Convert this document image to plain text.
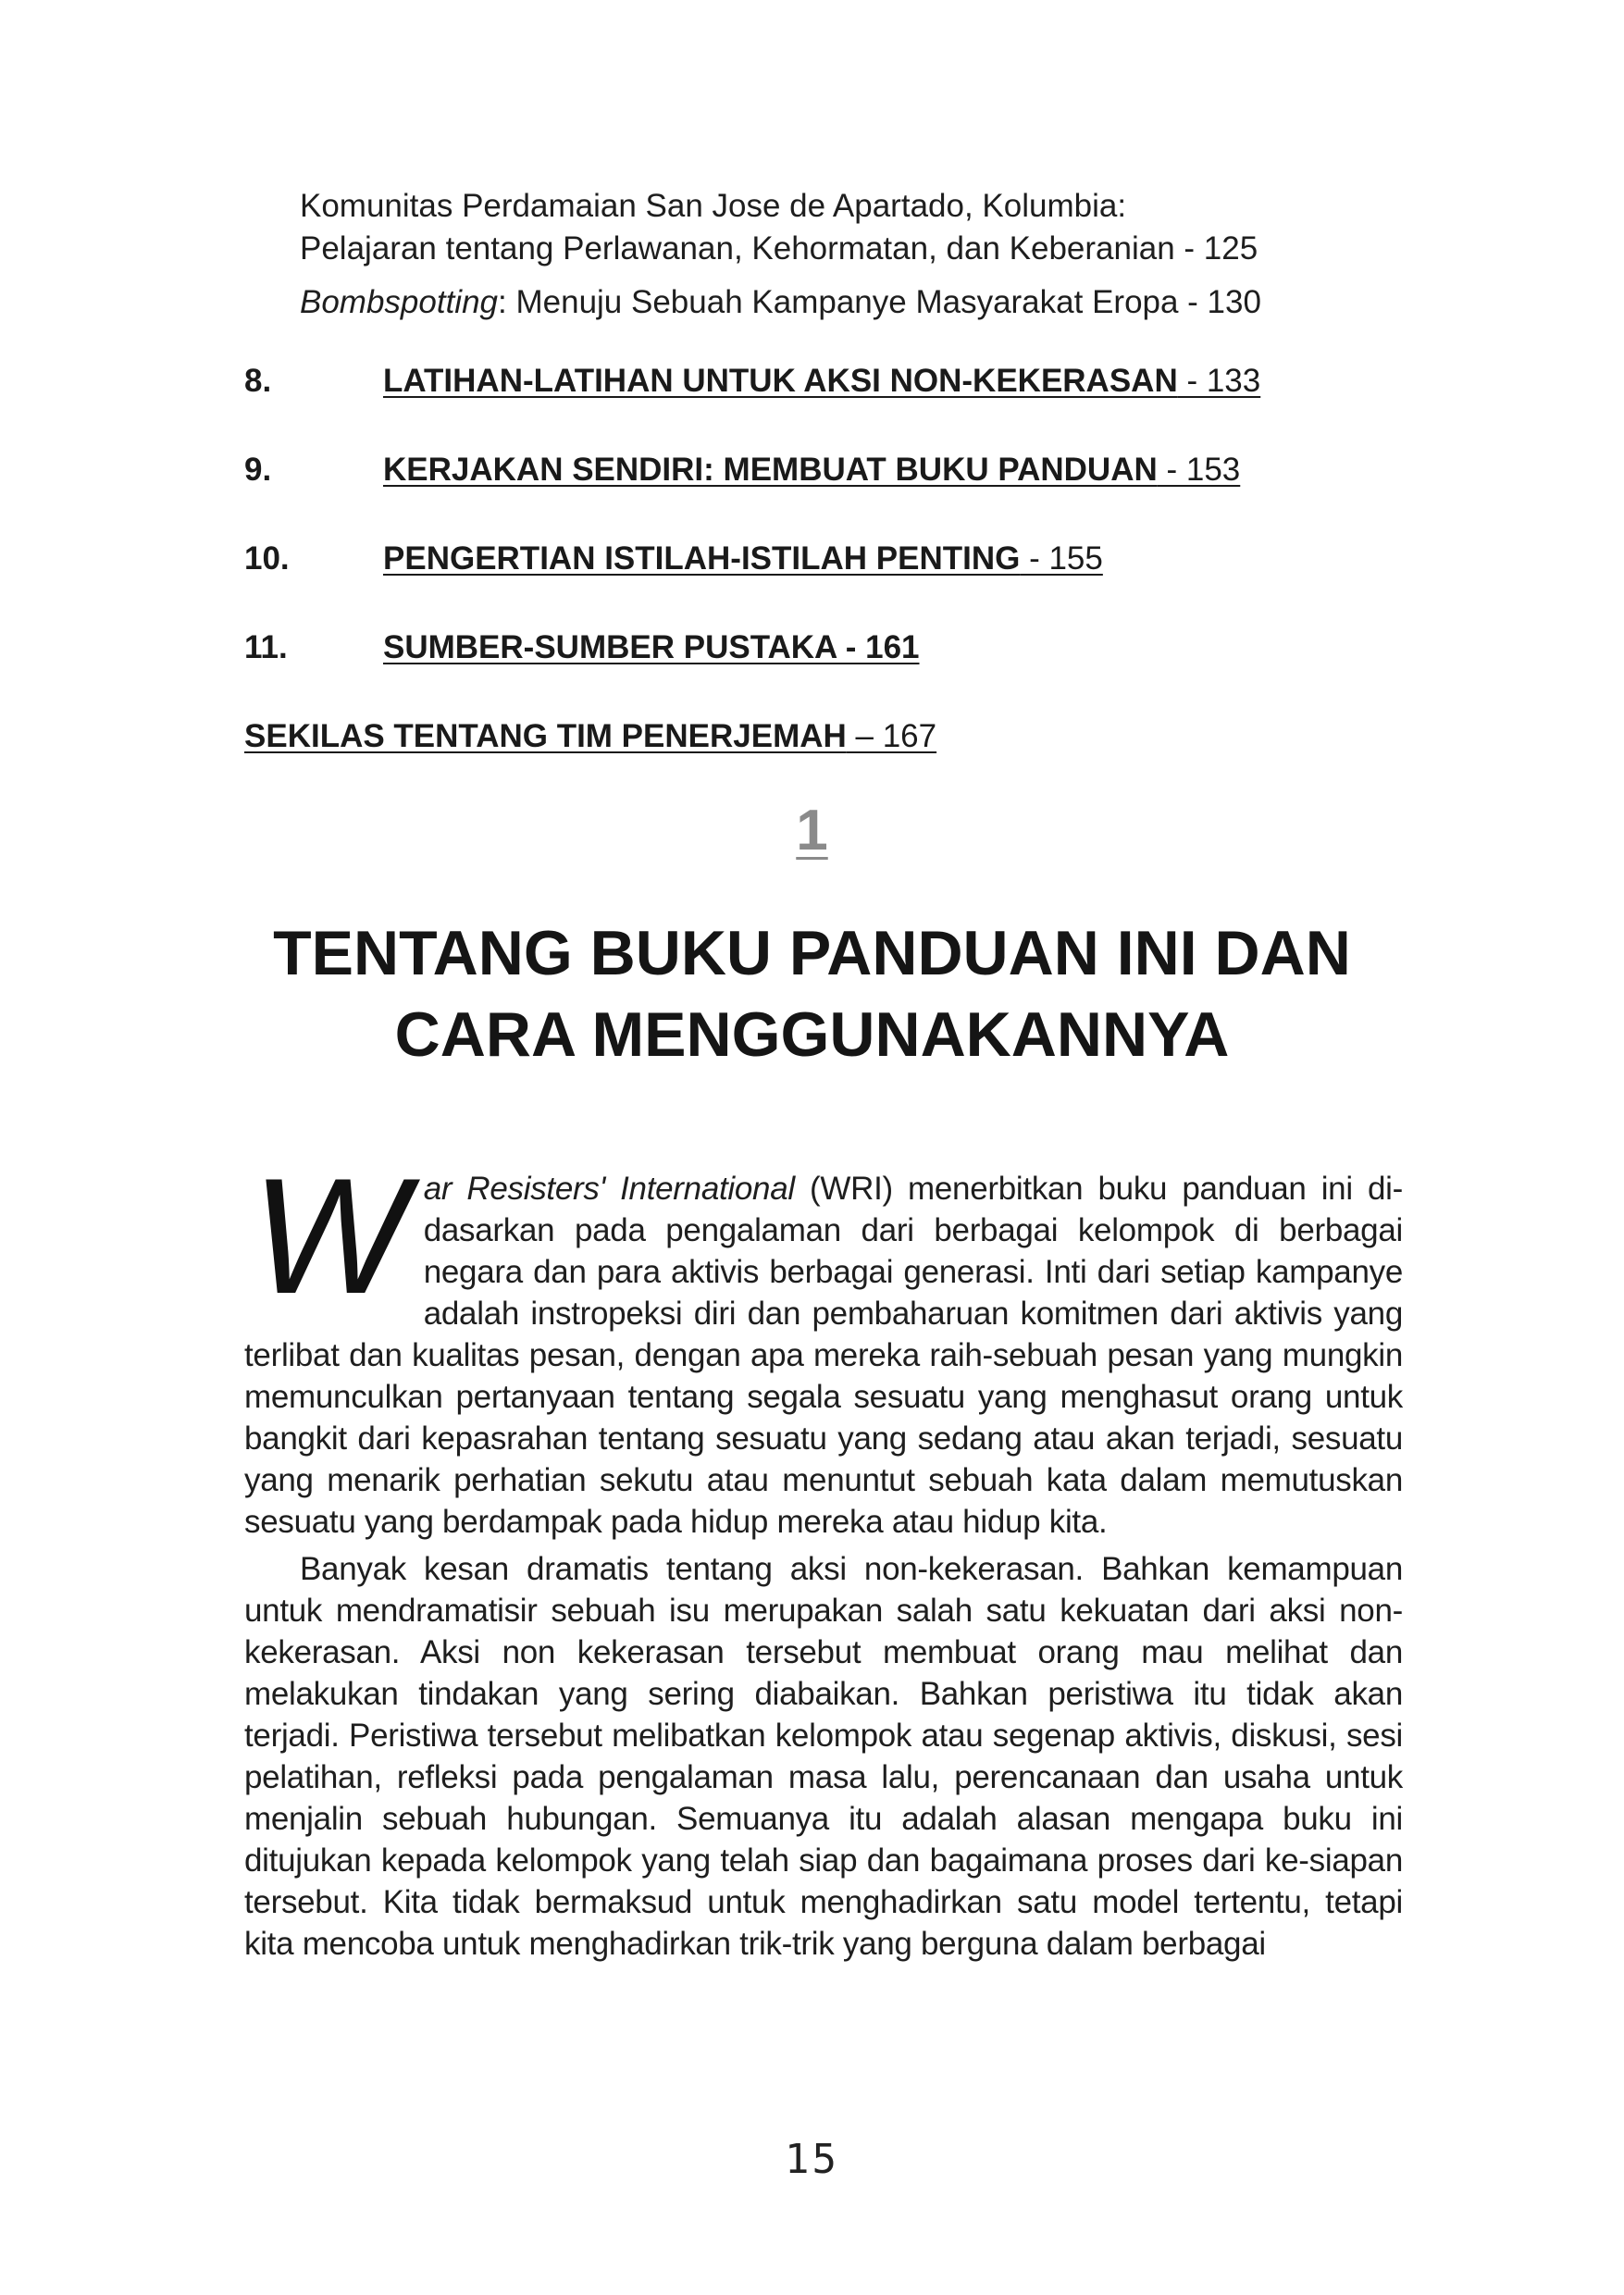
Komunitas Perdamaian San Jose de Apartado, Kolumbia:
Pelajaran tentang Perlawanan, Kehormatan, dan Keberanian - 125
Bombspotting: Menuju Sebuah Kampanye Masyarakat Eropa - 130
8.	LATIHAN-LATIHAN UNTUK AKSI NON-KEKERASAN - 133
9.	KERJAKAN SENDIRI: MEMBUAT BUKU PANDUAN - 153
10.	PENGERTIAN ISTILAH-ISTILAH PENTING - 155
11.	SUMBER-SUMBER PUSTAKA - 161
SEKILAS TENTANG TIM PENERJEMAH – 167
1
TENTANG BUKU PANDUAN INI DAN
CARA MENGGUNAKANNYA

War Resisters' International (WRI) menerbitkan buku panduan ini di-dasarkan pada pengalaman dari berbagai kelompok di berbagai negara dan para aktivis berbagai generasi. Inti dari setiap kampanye adalah instropeksi diri dan pembaharuan komitmen dari aktivis yang terlibat dan kualitas pesan, dengan apa mereka raih-sebuah pesan yang mungkin memunculkan pertanyaan tentang segala sesuatu yang menghasut orang untuk bangkit dari kepasrahan tentang sesuatu yang sedang atau akan terjadi, sesuatu yang menarik perhatian sekutu atau menuntut sebuah kata dalam memutuskan sesuatu yang berdampak pada hidup mereka atau hidup kita.

Banyak kesan dramatis tentang aksi non-kekerasan. Bahkan kemampuan untuk mendramatisir sebuah isu merupakan salah satu kekuatan dari aksi non-kekerasan. Aksi non kekerasan tersebut membuat orang mau melihat dan melakukan tindakan yang sering diabaikan. Bahkan peristiwa itu tidak akan terjadi. Peristiwa tersebut melibatkan kelompok atau segenap aktivis, diskusi, sesi pelatihan, refleksi pada pengalaman masa lalu, perencanaan dan usaha untuk menjalin sebuah hubungan. Semuanya itu adalah alasan mengapa buku ini ditujukan kepada kelompok yang telah siap dan bagaimana proses dari ke-siapan tersebut. Kita tidak bermaksud untuk menghadirkan satu model tertentu, tetapi kita mencoba untuk menghadirkan trik-trik yang berguna dalam berbagai

15
